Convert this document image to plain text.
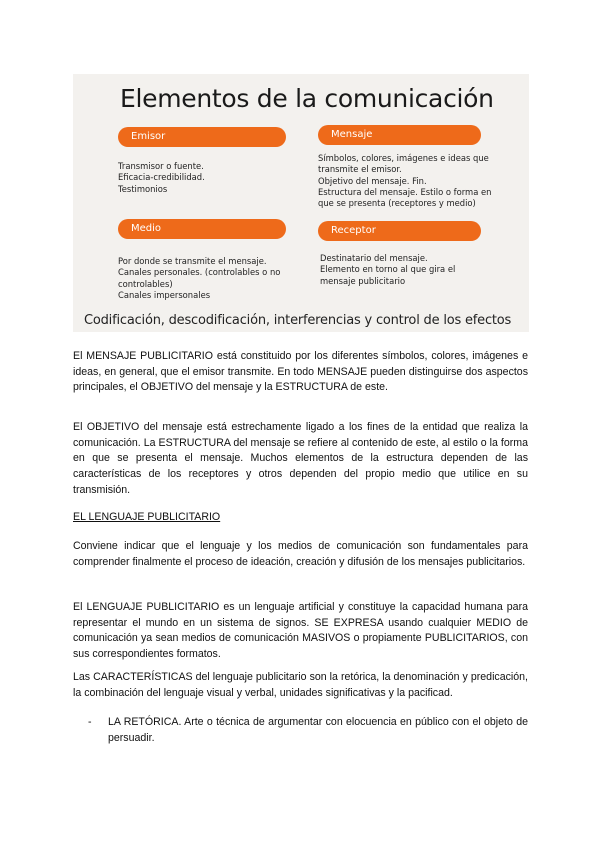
Elementos de la comunicación
Emisor
Transmisor o fuente.
Eficacia-credibilidad.
Testimonios
Mensaje
Símbolos, colores, imágenes e ideas que
transmite el emisor.
Objetivo del mensaje. Fin.
Estructura del mensaje. Estilo o forma en
que se presenta (receptores y medio)
Medio
Por donde se transmite el mensaje.
Canales personales. (controlables o no
controlables)
Canales impersonales
Receptor
Destinatario del mensaje.
Elemento en torno al que gira el
mensaje publicitario
Codificación, descodificación, interferencias y control de los efectos

El MENSAJE PUBLICITARIO está constituido por los diferentes símbolos, colores, imágenes e ideas, en general, que el emisor transmite. En todo MENSAJE pueden distinguirse dos aspectos principales, el OBJETIVO del mensaje y la ESTRUCTURA de este.

El OBJETIVO del mensaje está estrechamente ligado a los fines de la entidad que realiza la comunicación. La ESTRUCTURA del mensaje se refiere al contenido de este, al estilo o la forma en que se presenta el mensaje. Muchos elementos de la estructura dependen de las características de los receptores y otros dependen del propio medio que utilice en su transmisión.

EL LENGUAJE PUBLICITARIO

Conviene indicar que el lenguaje y los medios de comunicación son fundamentales para comprender finalmente el proceso de ideación, creación y difusión de los mensajes publicitarios.

El LENGUAJE PUBLICITARIO es un lenguaje artificial y constituye la capacidad humana para representar el mundo en un sistema de signos. SE EXPRESA usando cualquier MEDIO de comunicación ya sean medios de comunicación MASIVOS o propiamente PUBLICITARIOS, con sus correspondientes formatos.

Las CARACTERÍSTICAS del lenguaje publicitario son la retórica, la denominación y predicación, la combinación del lenguaje visual y verbal, unidades significativas y la pacificad.

- LA RETÓRICA. Arte o técnica de argumentar con elocuencia en público con el objeto de persuadir.
